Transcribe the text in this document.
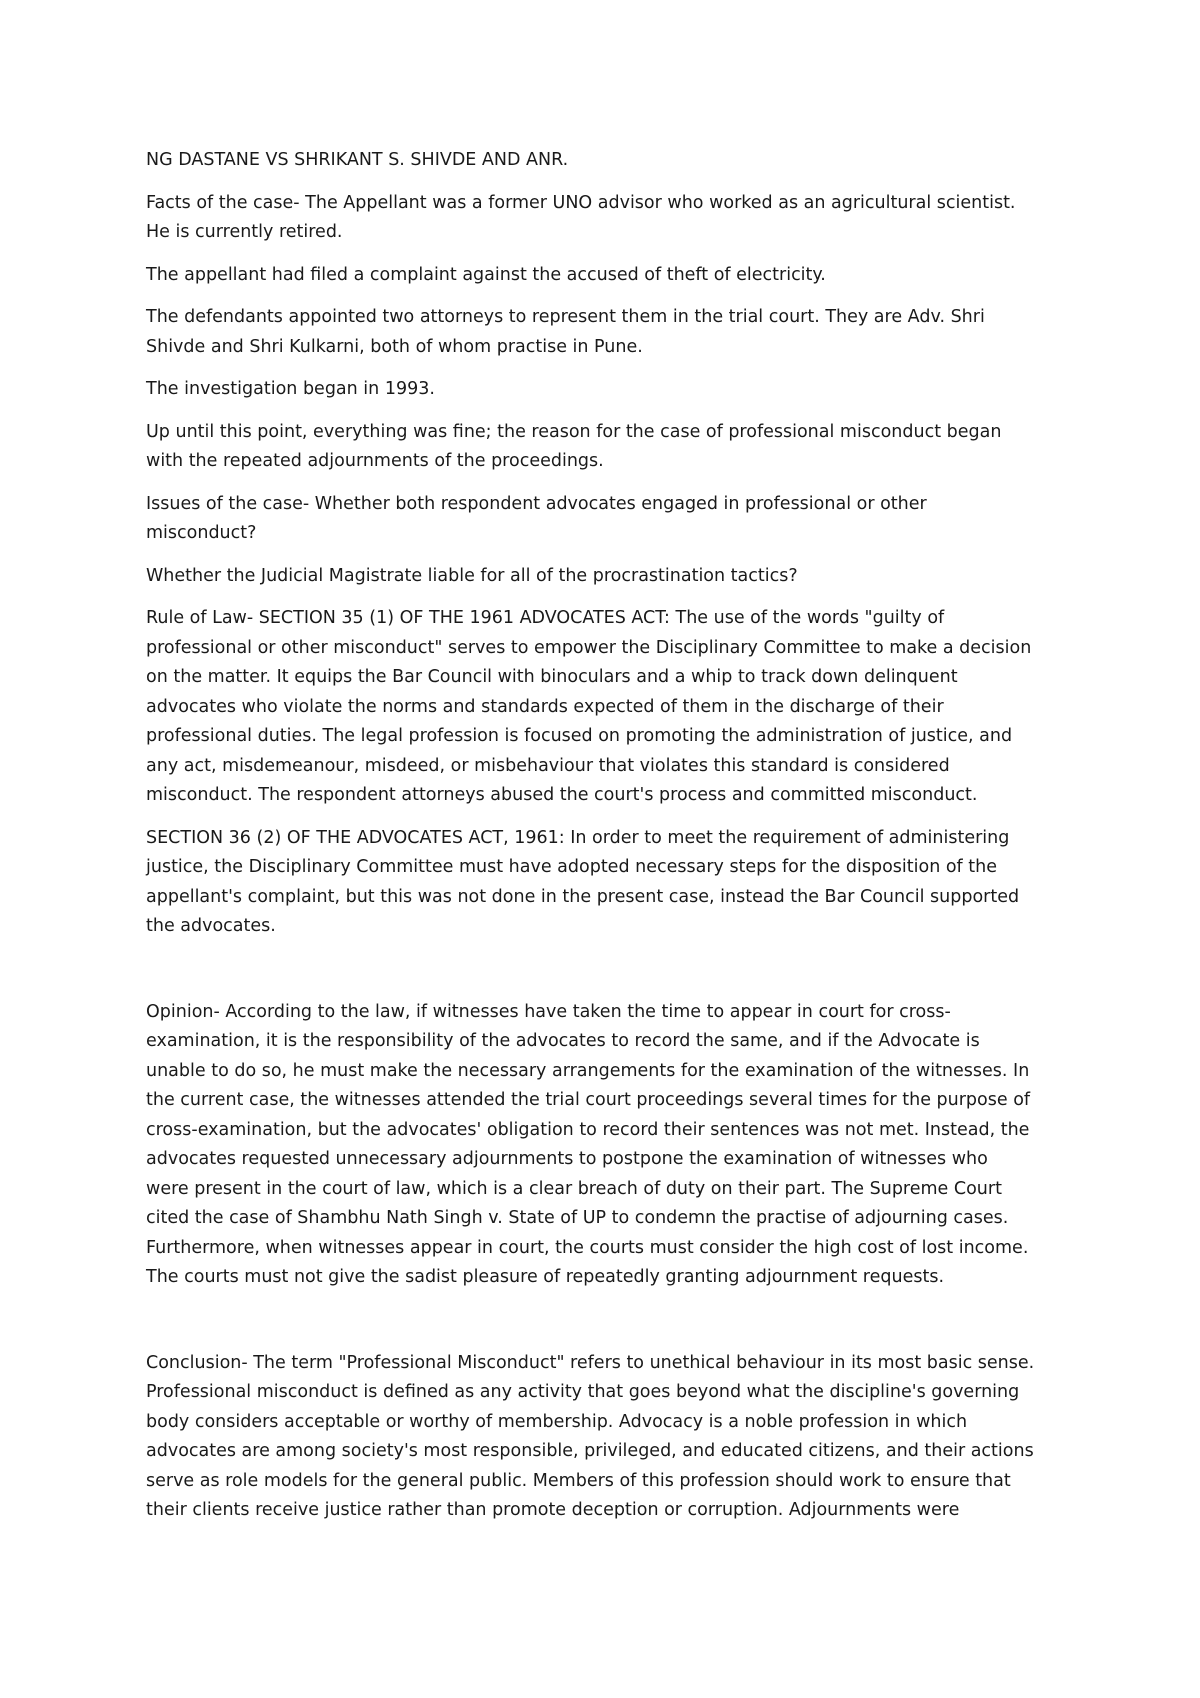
NG DASTANE VS SHRIKANT S. SHIVDE AND ANR.

Facts of the case- The Appellant was a former UNO advisor who worked as an agricultural scientist.
He is currently retired.

The appellant had filed a complaint against the accused of theft of electricity.

The defendants appointed two attorneys to represent them in the trial court. They are Adv. Shri
Shivde and Shri Kulkarni, both of whom practise in Pune.

The investigation began in 1993.

Up until this point, everything was fine; the reason for the case of professional misconduct began
with the repeated adjournments of the proceedings.

Issues of the case- Whether both respondent advocates engaged in professional or other
misconduct?

Whether the Judicial Magistrate liable for all of the procrastination tactics?

Rule of Law- SECTION 35 (1) OF THE 1961 ADVOCATES ACT: The use of the words "guilty of
professional or other misconduct" serves to empower the Disciplinary Committee to make a decision
on the matter. It equips the Bar Council with binoculars and a whip to track down delinquent
advocates who violate the norms and standards expected of them in the discharge of their
professional duties. The legal profession is focused on promoting the administration of justice, and
any act, misdemeanour, misdeed, or misbehaviour that violates this standard is considered
misconduct. The respondent attorneys abused the court's process and committed misconduct.

SECTION 36 (2) OF THE ADVOCATES ACT, 1961: In order to meet the requirement of administering
justice, the Disciplinary Committee must have adopted necessary steps for the disposition of the
appellant's complaint, but this was not done in the present case, instead the Bar Council supported
the advocates.

Opinion- According to the law, if witnesses have taken the time to appear in court for cross-
examination, it is the responsibility of the advocates to record the same, and if the Advocate is
unable to do so, he must make the necessary arrangements for the examination of the witnesses. In
the current case, the witnesses attended the trial court proceedings several times for the purpose of
cross-examination, but the advocates' obligation to record their sentences was not met. Instead, the
advocates requested unnecessary adjournments to postpone the examination of witnesses who
were present in the court of law, which is a clear breach of duty on their part. The Supreme Court
cited the case of Shambhu Nath Singh v. State of UP to condemn the practise of adjourning cases.
Furthermore, when witnesses appear in court, the courts must consider the high cost of lost income.
The courts must not give the sadist pleasure of repeatedly granting adjournment requests.

Conclusion- The term "Professional Misconduct" refers to unethical behaviour in its most basic sense.
Professional misconduct is defined as any activity that goes beyond what the discipline's governing
body considers acceptable or worthy of membership. Advocacy is a noble profession in which
advocates are among society's most responsible, privileged, and educated citizens, and their actions
serve as role models for the general public. Members of this profession should work to ensure that
their clients receive justice rather than promote deception or corruption. Adjournments were
